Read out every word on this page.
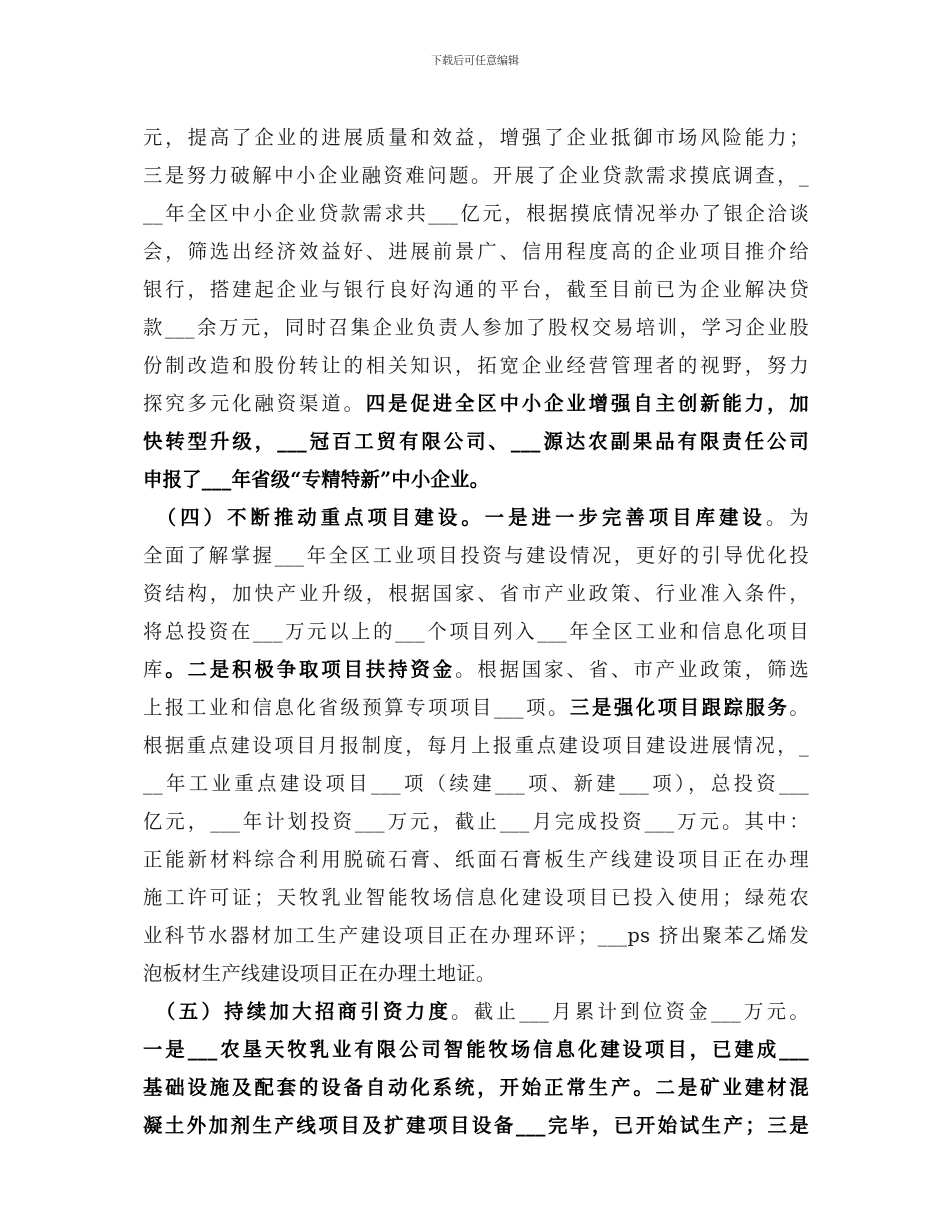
下载后可任意编辑
元，提高了企业的进展质量和效益，增强了企业抵御市场风险能力；
三是努力破解中小企业融资难问题。开展了企业贷款需求摸底调查，_
__年全区中小企业贷款需求共___亿元，根据摸底情况举办了银企洽谈
会，筛选出经济效益好、进展前景广、信用程度高的企业项目推介给
银行，搭建起企业与银行良好沟通的平台，截至目前已为企业解决贷
款___余万元，同时召集企业负责人参加了股权交易培训，学习企业股
份制改造和股份转让的相关知识，拓宽企业经营管理者的视野，努力
探究多元化融资渠道。四是促进全区中小企业增强自主创新能力，加
快转型升级，___冠百工贸有限公司、___源达农副果品有限责任公司
申报了___年省级“专精特新”中小企业。
　（四）不断推动重点项目建设。一是进一步完善项目库建设。为
全面了解掌握___年全区工业项目投资与建设情况，更好的引导优化投
资结构，加快产业升级，根据国家、省市产业政策、行业准入条件，
将总投资在___万元以上的___个项目列入___年全区工业和信息化项目
库。二是积极争取项目扶持资金。根据国家、省、市产业政策，筛选
上报工业和信息化省级预算专项项目___项。三是强化项目跟踪服务。
根据重点建设项目月报制度，每月上报重点建设项目建设进展情况，_
__年工业重点建设项目___项（续建___项、新建___项），总投资___
亿元，___年计划投资___万元，截止___月完成投资___万元。其中：
正能新材料综合利用脱硫石膏、纸面石膏板生产线建设项目正在办理
施工许可证；天牧乳业智能牧场信息化建设项目已投入使用；绿苑农
业科节水器材加工生产建设项目正在办理环评；___ps 挤出聚苯乙烯发
泡板材生产线建设项目正在办理土地证。
　（五）持续加大招商引资力度。截止___月累计到位资金___万元。
一是___农垦天牧乳业有限公司智能牧场信息化建设项目，已建成___
基础设施及配套的设备自动化系统，开始正常生产。二是矿业建材混
凝土外加剂生产线项目及扩建项目设备___完毕，已开始试生产；三是
